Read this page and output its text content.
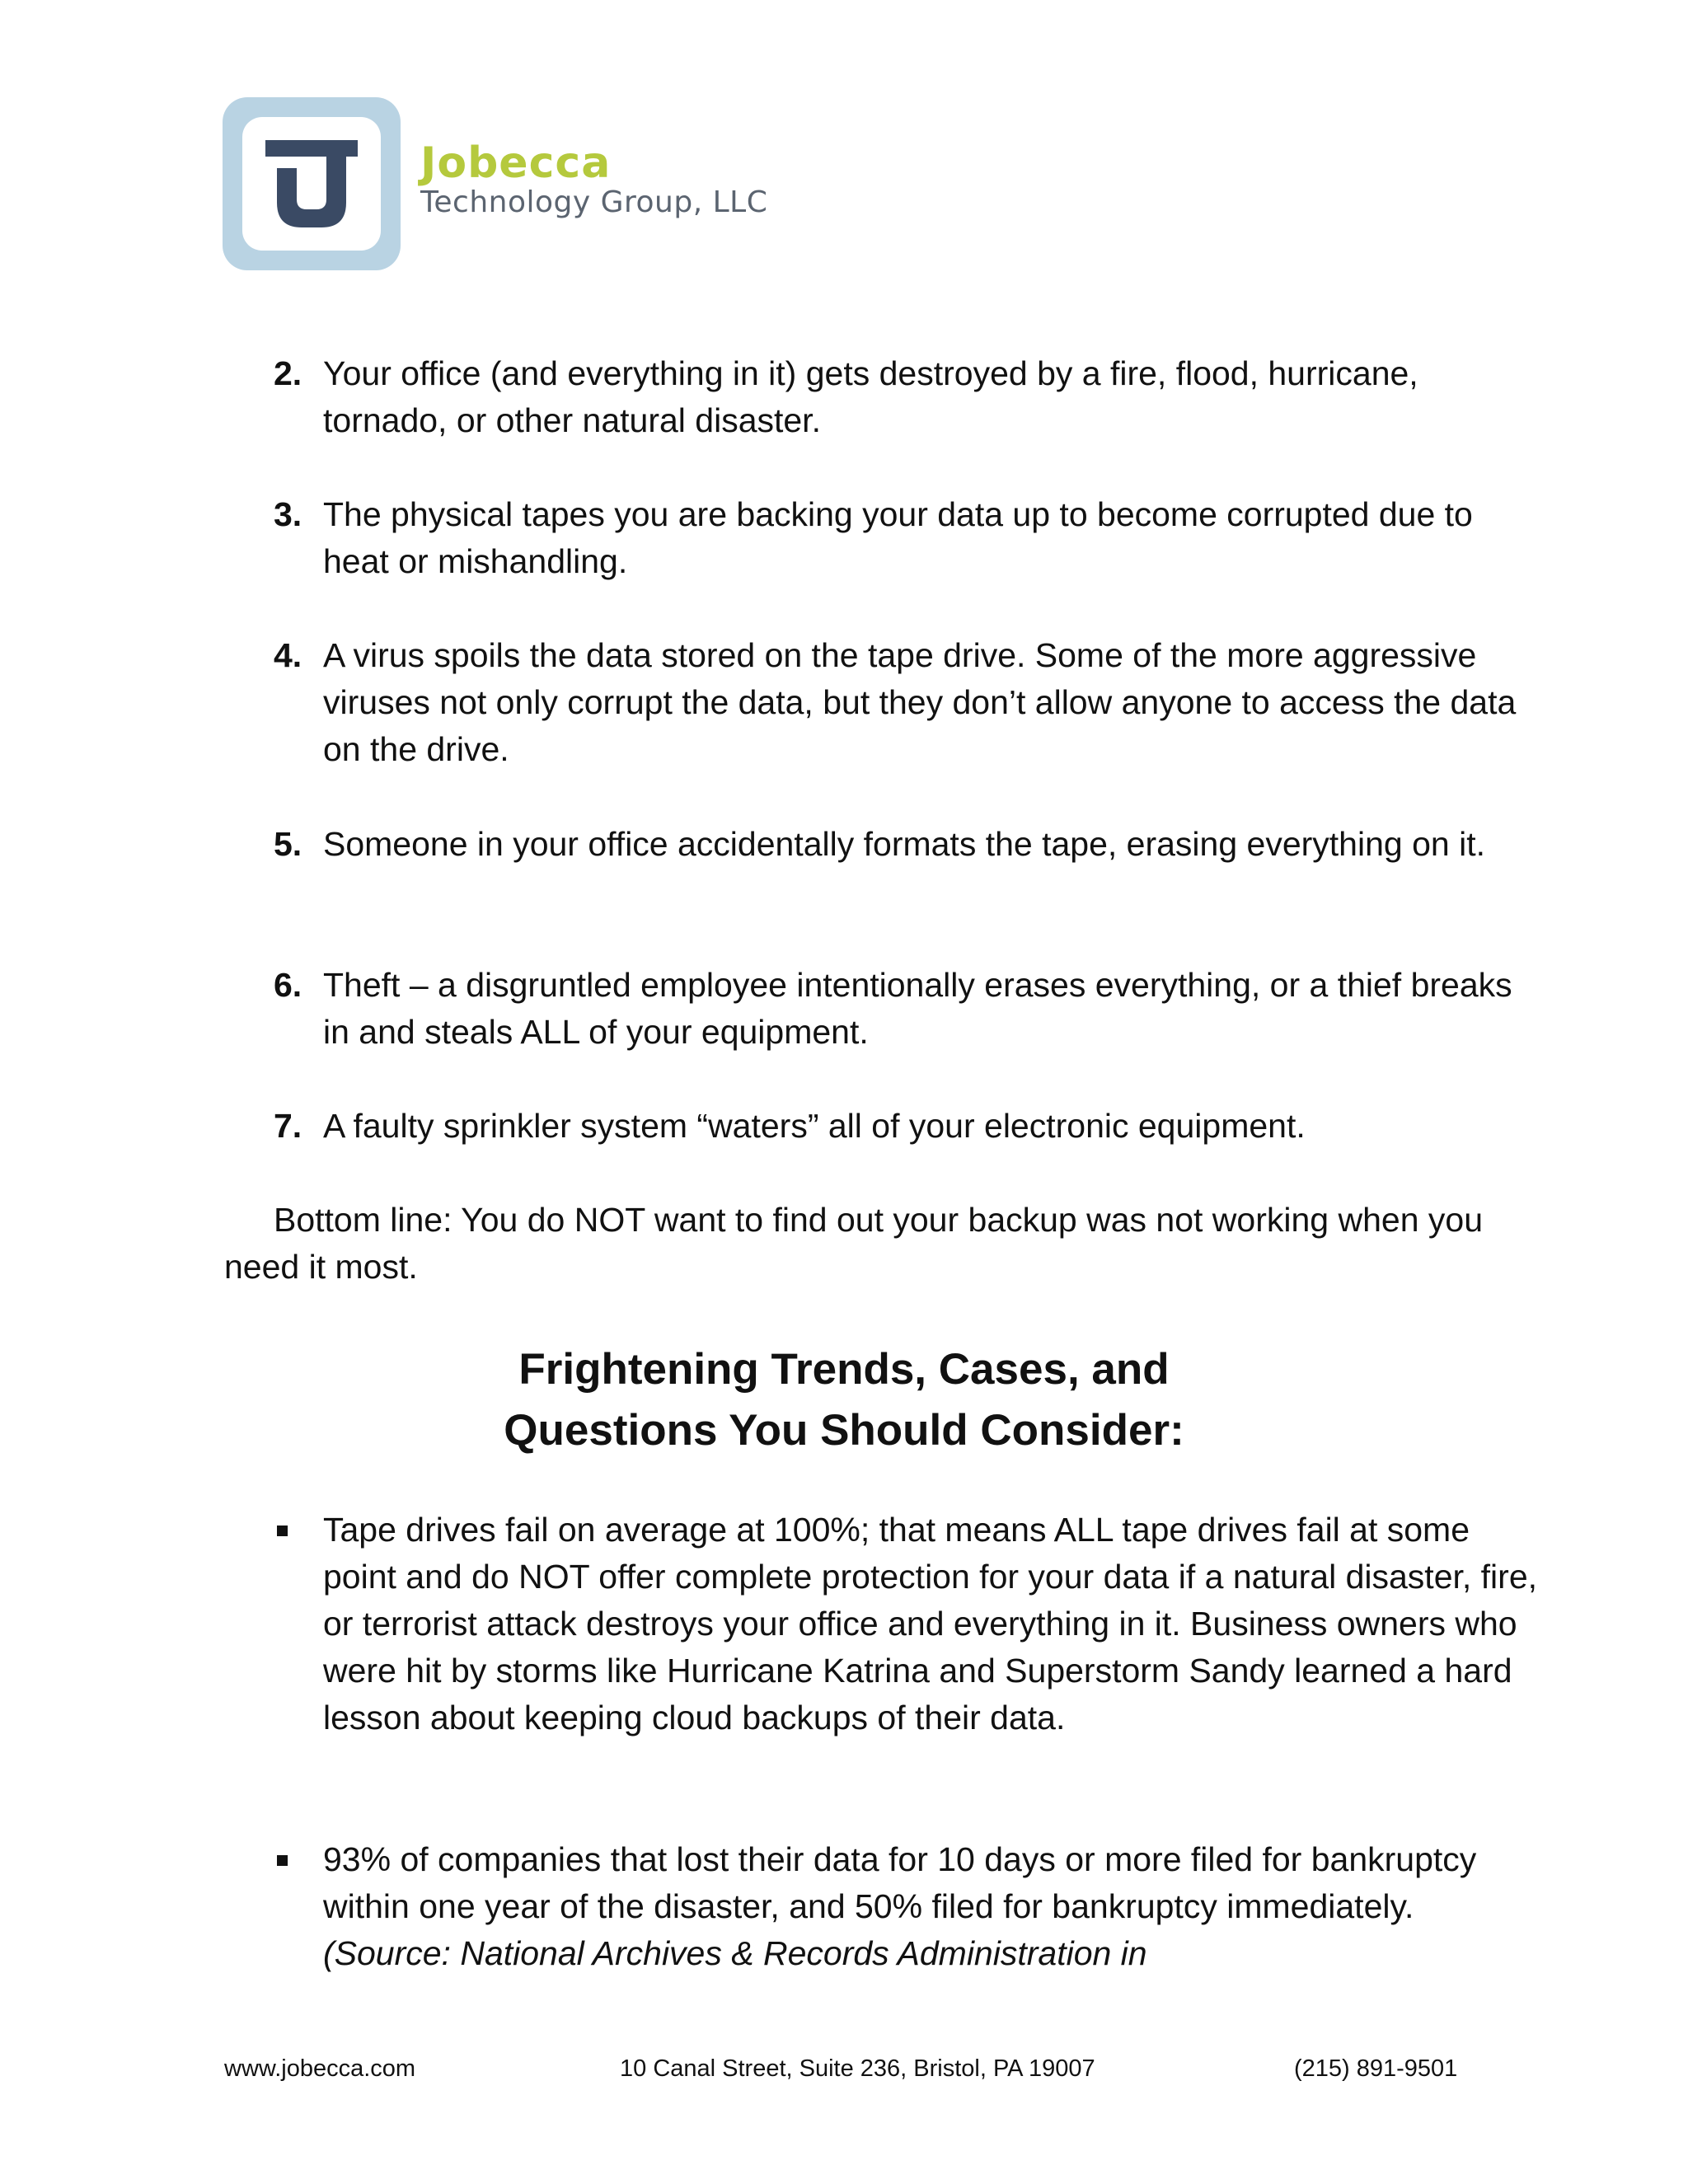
Jobecca
Technology Group, LLC
2. Your office (and everything in it) gets destroyed by a fire, flood, hurricane, tornado, or other natural disaster.
3. The physical tapes you are backing your data up to become corrupted due to heat or mishandling.
4. A virus spoils the data stored on the tape drive. Some of the more aggressive viruses not only corrupt the data, but they don’t allow anyone to access the data on the drive.
5. Someone in your office accidentally formats the tape, erasing everything on it.
6. Theft – a disgruntled employee intentionally erases everything, or a thief breaks in and steals ALL of your equipment.
7. A faulty sprinkler system “waters” all of your electronic equipment.
Bottom line: You do NOT want to find out your backup was not working when you need it most.
Frightening Trends, Cases, and
Questions You Should Consider:
Tape drives fail on average at 100%; that means ALL tape drives fail at some point and do NOT offer complete protection for your data if a natural disaster, fire, or terrorist attack destroys your office and everything in it. Business owners who were hit by storms like Hurricane Katrina and Superstorm Sandy learned a hard lesson about keeping cloud backups of their data.
93% of companies that lost their data for 10 days or more filed for bankruptcy within one year of the disaster, and 50% filed for bankruptcy immediately. (Source: National Archives & Records Administration in
www.jobecca.com	10 Canal Street, Suite 236, Bristol, PA 19007	(215) 891-9501
